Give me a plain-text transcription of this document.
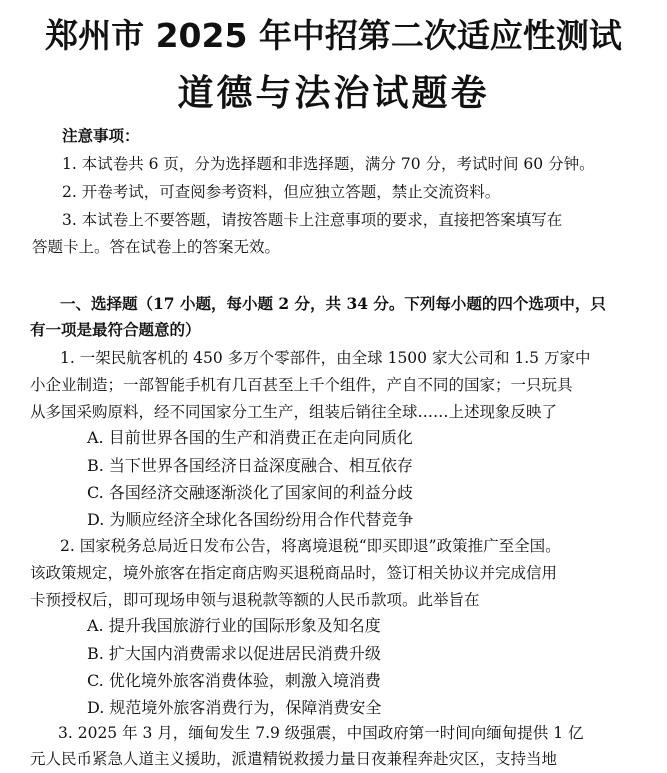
郑州市 2025 年中招第二次适应性测试
道德与法治试题卷
注意事项：
1. 本试卷共 6 页，分为选择题和非选择题，满分 70 分，考试时间 60 分钟。
2. 开卷考试，可查阅参考资料，但应独立答题，禁止交流资料。
3. 本试卷上不要答题，请按答题卡上注意事项的要求，直接把答案填写在
答题卡上。答在试卷上的答案无效。
一、选择题（17 小题，每小题 2 分，共 34 分。下列每小题的四个选项中，只
有一项是最符合题意的）
1. 一架民航客机的 450 多万个零部件，由全球 1500 家大公司和 1.5 万家中
小企业制造；一部智能手机有几百甚至上千个组件，产自不同的国家；一只玩具
从多国采购原料，经不同国家分工生产，组装后销往全球……上述现象反映了
A. 目前世界各国的生产和消费正在走向同质化
B. 当下世界各国经济日益深度融合、相互依存
C. 各国经济交融逐渐淡化了国家间的利益分歧
D. 为顺应经济全球化各国纷纷用合作代替竞争
2. 国家税务总局近日发布公告，将离境退税“即买即退”政策推广至全国。
该政策规定，境外旅客在指定商店购买退税商品时，签订相关协议并完成信用
卡预授权后，即可现场申领与退税款等额的人民币款项。此举旨在
A. 提升我国旅游行业的国际形象及知名度
B. 扩大国内消费需求以促进居民消费升级
C. 优化境外旅客消费体验，刺激入境消费
D. 规范境外旅客消费行为，保障消费安全
3. 2025 年 3 月，缅甸发生 7.9 级强震，中国政府第一时间向缅甸提供 1 亿
元人民币紧急人道主义援助，派遣精锐救援力量日夜兼程奔赴灾区，支持当地
